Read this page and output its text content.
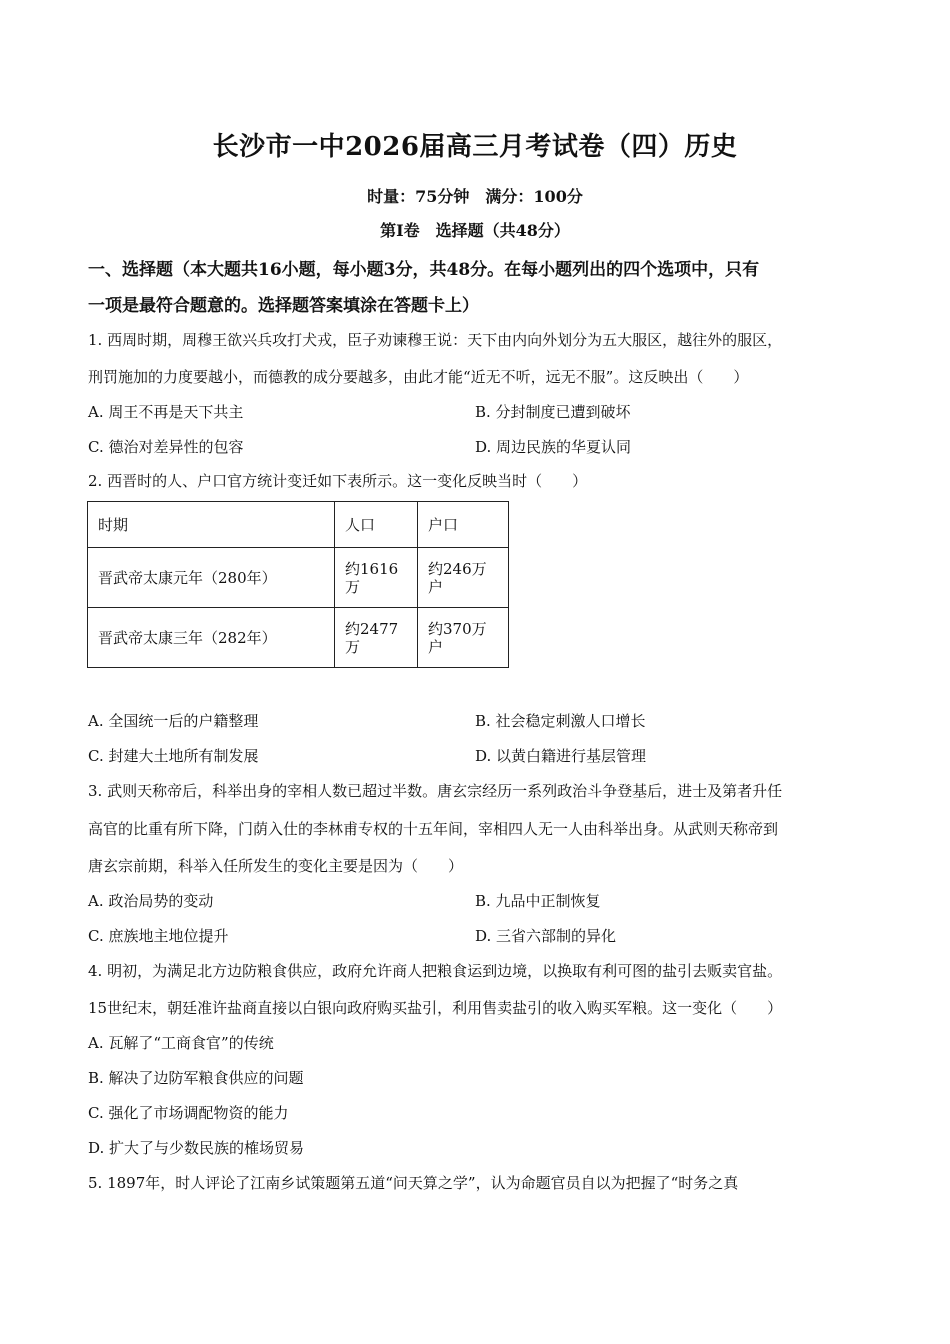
长沙市一中2026届高三月考试卷（四）历史
时量：75分钟　满分：100分
第Ⅰ卷　选择题（共48分）
一、选择题（本大题共16小题，每小题3分，共48分。在每小题列出的四个选项中，只有
一项是最符合题意的。选择题答案填涂在答题卡上）
1. 西周时期，周穆王欲兴兵攻打犬戎，臣子劝谏穆王说：天下由内向外划分为五大服区，越往外的服区，
刑罚施加的力度要越小，而德教的成分要越多，由此才能“近无不听，远无不服”。这反映出（　　）
A. 周王不再是天下共主	B. 分封制度已遭到破坏
C. 德治对差异性的包容	D. 周边民族的华夏认同
2. 西晋时的人、户口官方统计变迁如下表所示。这一变化反映当时（　　）
时期	人口	户口
晋武帝太康元年（280年）	约1616万	约246万户
晋武帝太康三年（282年）	约2477万	约370万户
A. 全国统一后的户籍整理	B. 社会稳定刺激人口增长
C. 封建大土地所有制发展	D. 以黄白籍进行基层管理
3. 武则天称帝后，科举出身的宰相人数已超过半数。唐玄宗经历一系列政治斗争登基后，进士及第者升任
高官的比重有所下降，门荫入仕的李林甫专权的十五年间，宰相四人无一人由科举出身。从武则天称帝到
唐玄宗前期，科举入任所发生的变化主要是因为（　　）
A. 政治局势的变动	B. 九品中正制恢复
C. 庶族地主地位提升	D. 三省六部制的异化
4. 明初，为满足北方边防粮食供应，政府允许商人把粮食运到边境，以换取有利可图的盐引去贩卖官盐。
15世纪末，朝廷准许盐商直接以白银向政府购买盐引，利用售卖盐引的收入购买军粮。这一变化（　　）
A. 瓦解了“工商食官”的传统
B. 解决了边防军粮食供应的问题
C. 强化了市场调配物资的能力
D. 扩大了与少数民族的榷场贸易
5. 1897年，时人评论了江南乡试策题第五道“问天算之学”，认为命题官员自以为把握了“时务之真
